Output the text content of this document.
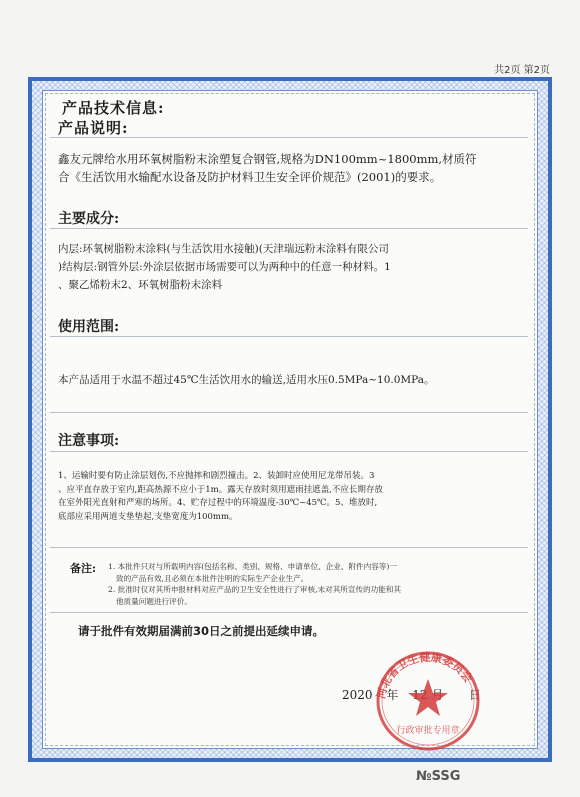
共2页 第2页
产品技术信息:
产品说明:
鑫友元牌给水用环氧树脂粉末涂塑复合钢管,规格为DN100mm~1800mm,材质符
合《生活饮用水输配水设备及防护材料卫生安全评价规范》(2001)的要求。
主要成分:
内层:环氧树脂粉末涂料(与生活饮用水接触)(天津瑞远粉末涂料有限公司
)结构层:钢管外层:外涂层依据市场需要可以为两种中的任意一种材料。1
、聚乙烯粉末2、环氧树脂粉末涂料
使用范围:
本产品适用于水温不超过45℃生活饮用水的输送,适用水压0.5MPa~10.0MPa。
注意事项:
1、运输时要有防止涂层划伤,不应抛摔和剧烈撞击。2、装卸时应使用尼龙带吊装。3
、应平直存放于室内,距高热源不应小于1m。露天存放时须用遮雨挂遮盖,不应长期存放
在室外阳光直射和严寒的场所。4、贮存过程中的环境温度-30℃~45℃。5、堆放时,
底部应采用两道支垫垫起,支垫宽度为100mm。
备注: 1. 本批件只对与所载明内容(包括名称、类别、规格、申请单位、企业、附件内容等)一
致的产品有效,且必须在本批件注明的实际生产企业生产。
2. 批准时仅对其所申报材料对应产品的卫生安全性进行了审核,未对其所宣传的功能和其
他质量问题进行评价。
请于批件有效期届满前30日之前提出延续申请。
2020 年	日
河北省卫生健康委员会
行政审批专用章
№SSG
